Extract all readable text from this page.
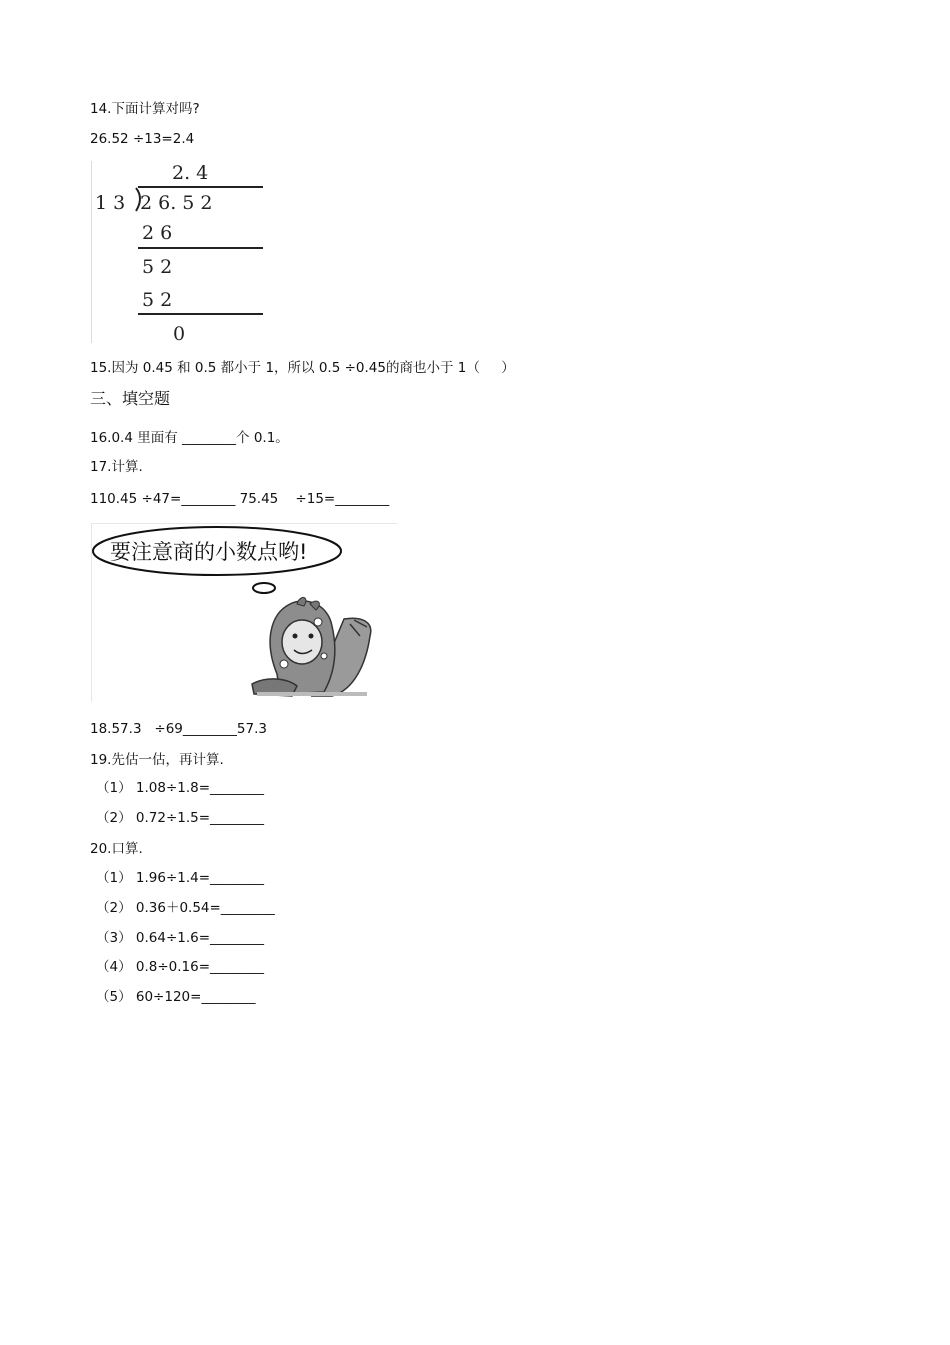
14.下面计算对吗?
26.52 ÷13=2.4
2. 4
1 3 2 6. 5 2
2 6
5 2
5 2
0
15.因为 0.45 和 0.5 都小于 1，所以 0.5 ÷0.45的商也小于 1（     ）
三、填空题
16.0.4 里面有 ________个 0.1。
17.计算.
110.45 ÷47=________ 75.45    ÷15=________
要注意商的小数点哟!
18.57.3   ÷69________57.3
19.先估一估，再计算.
（1） 1.08÷1.8=________
（2） 0.72÷1.5=________
20.口算.
（1） 1.96÷1.4=________
（2） 0.36＋0.54=________
（3） 0.64÷1.6=________
（4） 0.8÷0.16=________
（5） 60÷120=________
